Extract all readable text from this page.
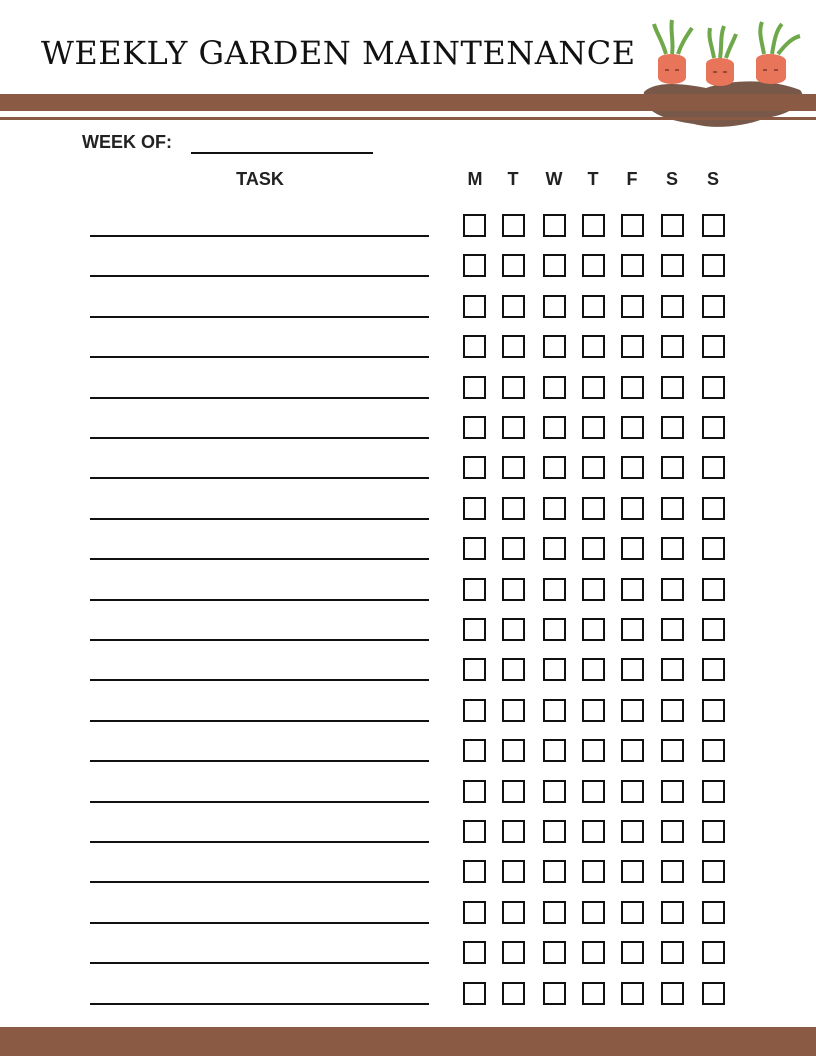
WEEKLY GARDEN MAINTENANCE
WEEK OF:
TASK	M	T	W	T	F	S	S
